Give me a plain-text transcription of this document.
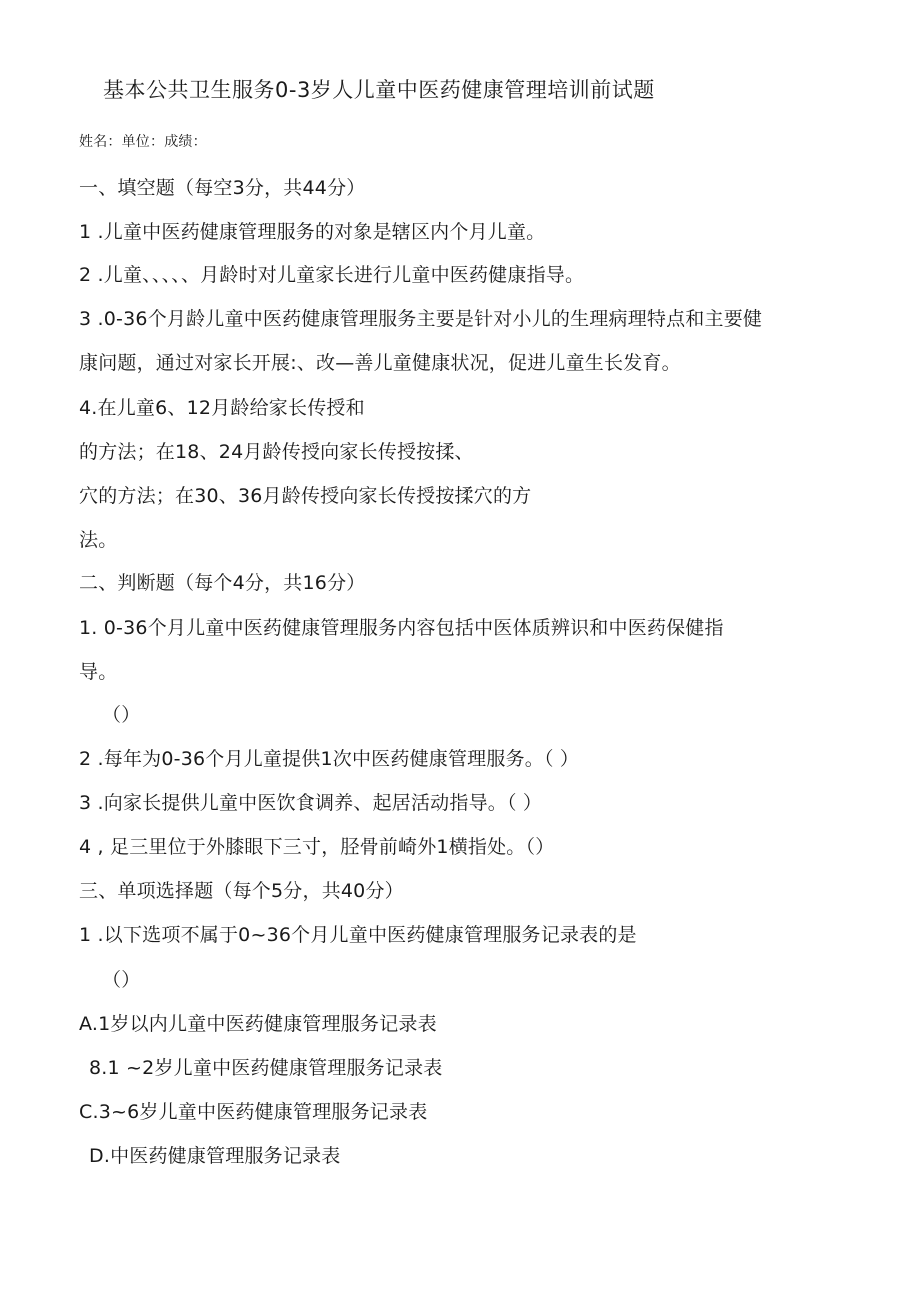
基本公共卫生服务0-3岁人儿童中医药健康管理培训前试题
姓名：单位：成绩：
一、填空题（每空3分，共44分）
1 .儿童中医药健康管理服务的对象是辖区内个月儿童。
2 .儿童、、、、、月龄时对儿童家长进行儿童中医药健康指导。
3 .0-36个月龄儿童中医药健康管理服务主要是针对小儿的生理病理特点和主要健
康问题，通过对家长开展:、改—善儿童健康状况，促进儿童生长发育。
4.在儿童6、12月龄给家长传授和
的方法；在18、24月龄传授向家长传授按揉、
穴的方法；在30、36月龄传授向家长传授按揉穴的方
法。
二、判断题（每个4分，共16分）
1. 0-36个月儿童中医药健康管理服务内容包括中医体质辨识和中医药保健指
导。
（）
2 .每年为0-36个月儿童提供1次中医药健康管理服务。（ ）
3 .向家长提供儿童中医饮食调养、起居活动指导。（ ）
4 , 足三里位于外膝眼下三寸，胫骨前崎外1横指处。（）
三、单项选择题（每个5分，共40分）
1 .以下选项不属于0~36个月儿童中医药健康管理服务记录表的是
（）
A.1岁以内儿童中医药健康管理服务记录表
8.1 ~2岁儿童中医药健康管理服务记录表
C.3~6岁儿童中医药健康管理服务记录表
D.中医药健康管理服务记录表
